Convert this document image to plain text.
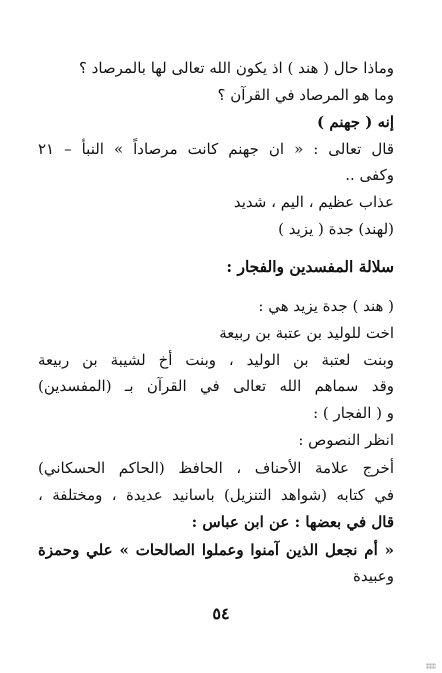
وماذا حال ( هند ) اذ يكون الله تعالى لها بالمرصاد ؟
وما هو المرصاد في القرآن ؟
إنه ( جهنم )
قال تعالى : « ان جهنم كانت مرصاداً » النبأ – ٢١
وكفى ..
عذاب عظيم ، اليم ، شديد
(لهند) جدة ( يزيد )
سلالة المفسدين والفجار :
( هند ) جدة يزيد هي :
اخت للوليد بن عتبة بن ربيعة
وبنت لعتبة بن الوليد ، وبنت أخ لشيبة بن ربيعة
وقد سماهم الله تعالى في القرآن بـ (المفسدين)
و ( الفجار ) :
انظر النصوص :
أخرج علامة الأحناف ، الحافظ (الحاكم الحسكاني)
في كتابه (شواهد التنزيل) باسانيد عديدة ، ومختلفة ،
قال في بعضها : عن ابن عباس :
« أم نجعل الذين آمنوا وعملوا الصالحات » علي وحمزة
وعبيدة
٥٤
